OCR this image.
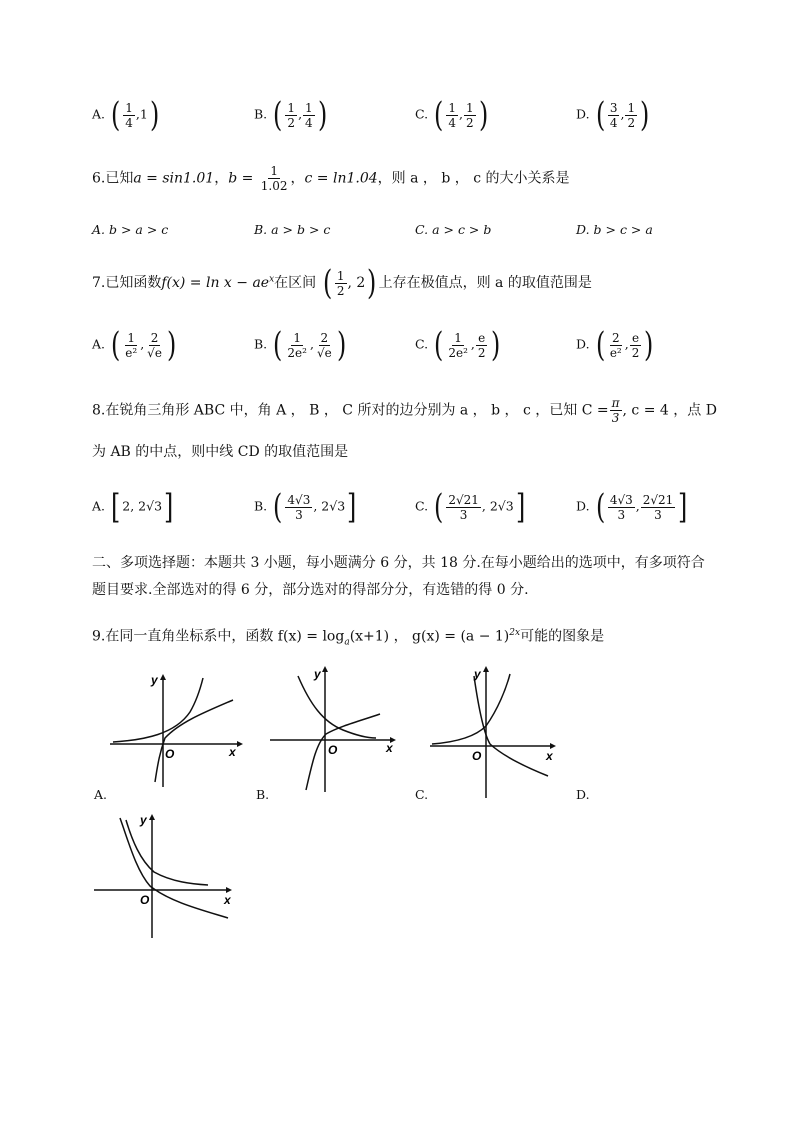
A. ( $\frac{1}{4} ,1$)	B. ( $\frac{1}{2}$ , $\frac{1}{4}$ )	C. ( $\frac{1}{4}$ , $\frac{1}{2}$ )	D. ( $\frac{3}{4}$ , $\frac{1}{2}$ )
6.已知a = sin1.01，$b = \frac{1}{1.02}$ ，c = ln1.04，则 a ， b ， c 的大小关系是
A. b > a > c	B. a > b > c	C. a > c > b	D. b > c > a
7.已知函数$f(x) = \ln x - ae^x$在区间 ( $\frac{1}{2}$ , 2) 上存在极值点，则 a 的取值范围是
A. ( $\frac{1}{\text{e²}}$ , $\frac{2}{√e}$ )	B. ( $\frac{1}{\text{2e²}}$ , $\frac{2}{√e}$ )	C. ( $\frac{1}{\text{2e²}}$ , $\frac{e}{2}$ )	D. ( $\frac{2}{\text{e²}}$ , $\frac{e}{2}$ )
8.在锐角三角形 ABC 中，角 A ， B ， C 所对的边分别为 a ， b ， c ，已知 $C = \frac{\pi}{3}$ , c = 4 ，点 D
为 AB 的中点，则中线 CD 的取值范围是
A. [ 2, 2√3]	B. ( $\frac{4√3}{3}$ , 2√3]	C. ( $\frac{2√21}{3}$ , 2√3]	D. ( $\frac{4√3}{3}$ , $\frac{2√21}{3}$ ]
二、多项选择题：本题共 3 小题，每小题满分 6 分，共 18 分.在每小题给出的选项中，有多项符合
题目要求.全部选对的得 6 分，部分选对的得部分分，有选错的得 0 分.
9.在同一直角坐标系中，函数 $f(x) = \log_a(x+1)$ ， $g(x) = (a - 1)^{2x}$可能的图象是
y
x
O
y
x
O
y
x
O
A.	B.	C.	D.
y
x
O
